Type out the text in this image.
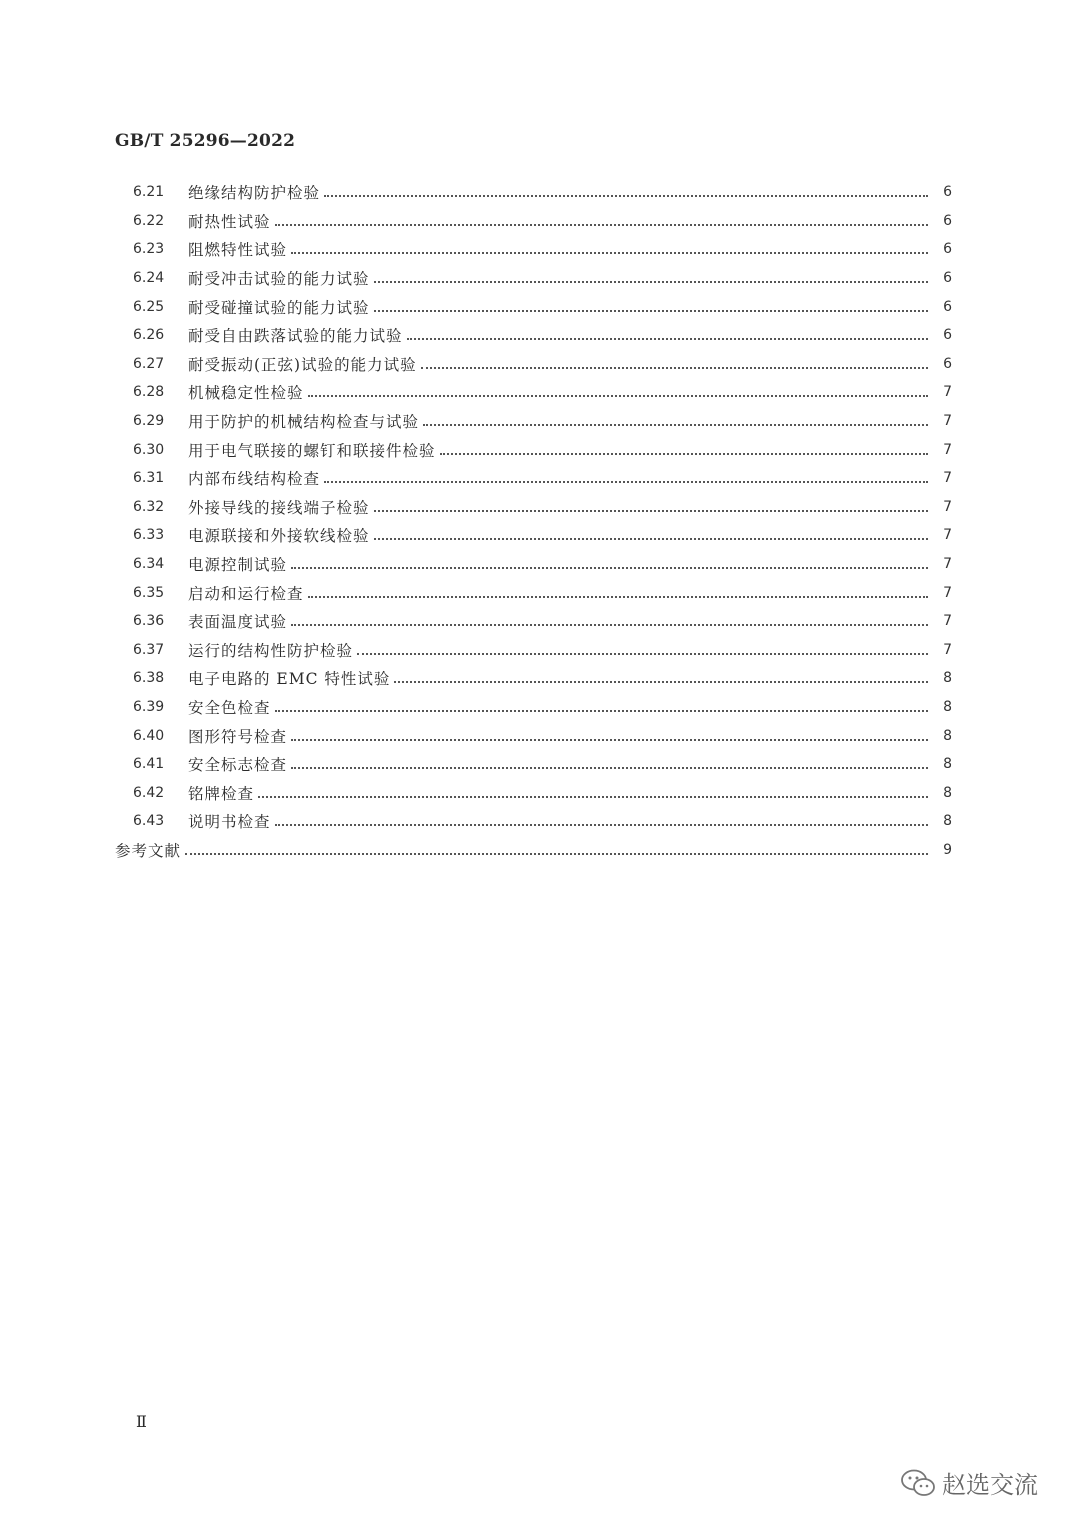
GB/T 25296—2022
6.21	绝缘结构防护检验	6
6.22	耐热性试验	6
6.23	阻燃特性试验	6
6.24	耐受冲击试验的能力试验	6
6.25	耐受碰撞试验的能力试验	6
6.26	耐受自由跌落试验的能力试验	6
6.27	耐受振动(正弦)试验的能力试验	6
6.28	机械稳定性检验	7
6.29	用于防护的机械结构检查与试验	7
6.30	用于电气联接的螺钉和联接件检验	7
6.31	内部布线结构检查	7
6.32	外接导线的接线端子检验	7
6.33	电源联接和外接软线检验	7
6.34	电源控制试验	7
6.35	启动和运行检查	7
6.36	表面温度试验	7
6.37	运行的结构性防护检验	7
6.38	电子电路的 EMC 特性试验	8
6.39	安全色检查	8
6.40	图形符号检查	8
6.41	安全标志检查	8
6.42	铭牌检查	8
6.43	说明书检查	8
参考文献	9
Ⅱ
赵选交流
